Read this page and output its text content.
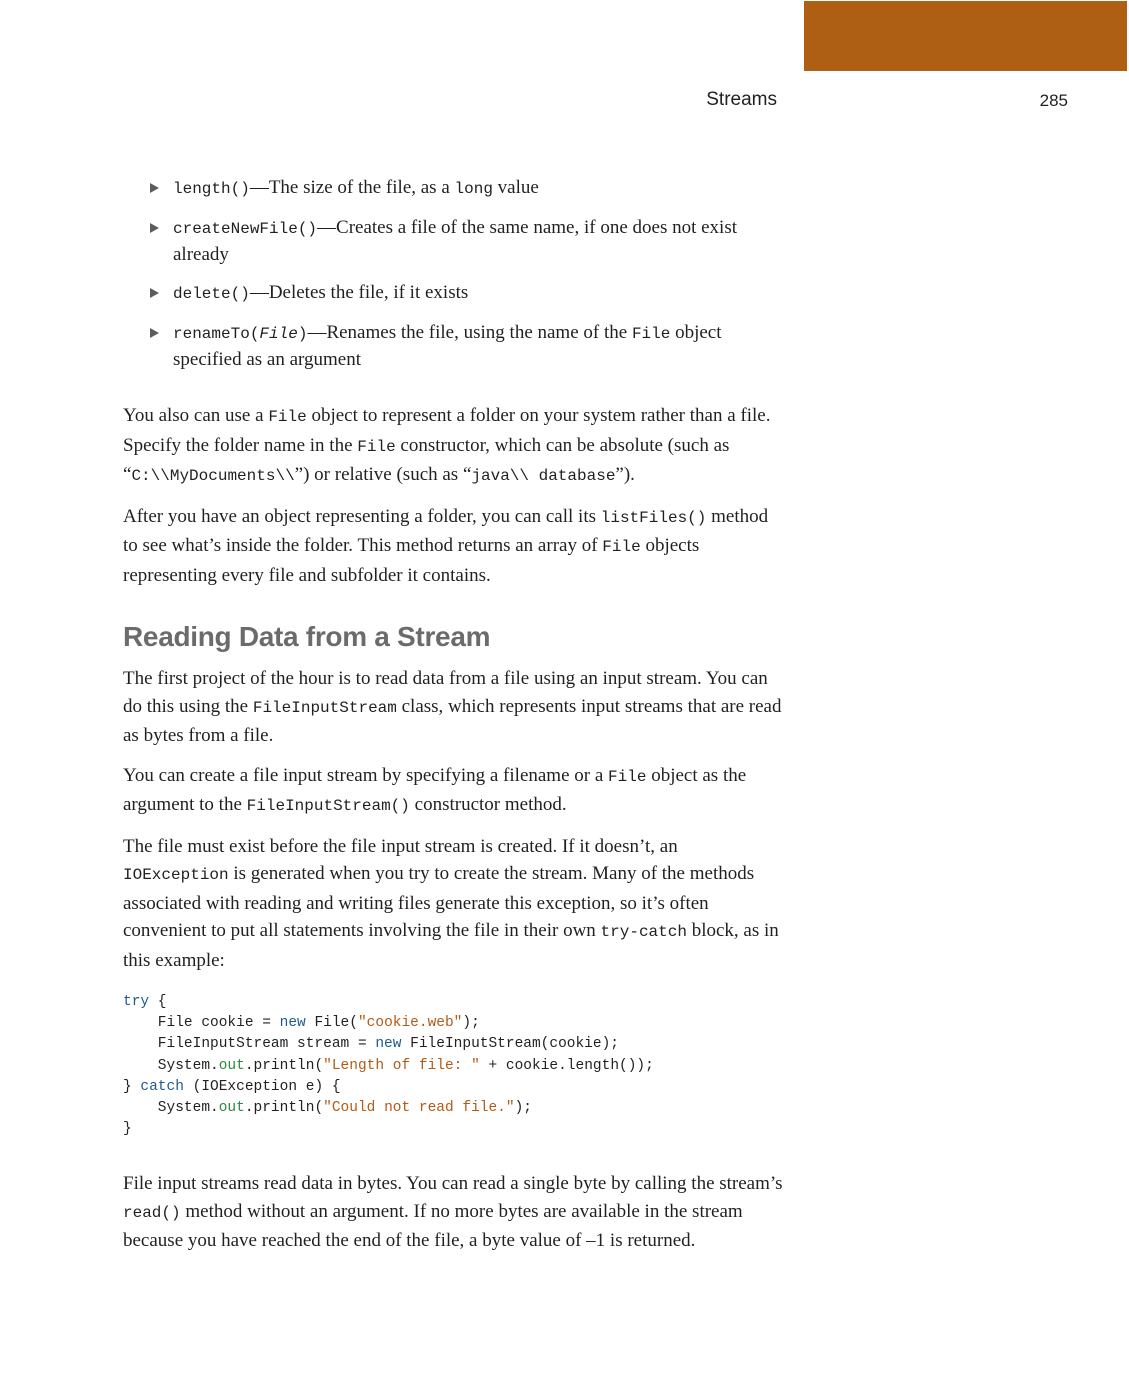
Streams	285
length()—The size of the file, as a long value
createNewFile()—Creates a file of the same name, if one does not exist already
delete()—Deletes the file, if it exists
renameTo(File)—Renames the file, using the name of the File object specified as an argument

You also can use a File object to represent a folder on your system rather than a file. Specify the folder name in the File constructor, which can be absolute (such as “C:\\MyDocuments\\”) or relative (such as “java\\ database”).

After you have an object representing a folder, you can call its listFiles() method to see what’s inside the folder. This method returns an array of File objects representing every file and subfolder it contains.

Reading Data from a Stream

The first project of the hour is to read data from a file using an input stream. You can do this using the FileInputStream class, which represents input streams that are read as bytes from a file.

You can create a file input stream by specifying a filename or a File object as the argument to the FileInputStream() constructor method.

The file must exist before the file input stream is created. If it doesn’t, an IOException is generated when you try to create the stream. Many of the methods associated with reading and writing files generate this exception, so it’s often convenient to put all statements involving the file in their own try-catch block, as in this example:

try {
File cookie = new File("cookie.web");
FileInputStream stream = new FileInputStream(cookie);
System.out.println("Length of file: " + cookie.length());
} catch (IOException e) {
System.out.println("Could not read file.");
}

File input streams read data in bytes. You can read a single byte by calling the stream’s read() method without an argument. If no more bytes are available in the stream because you have reached the end of the file, a byte value of –1 is returned.
